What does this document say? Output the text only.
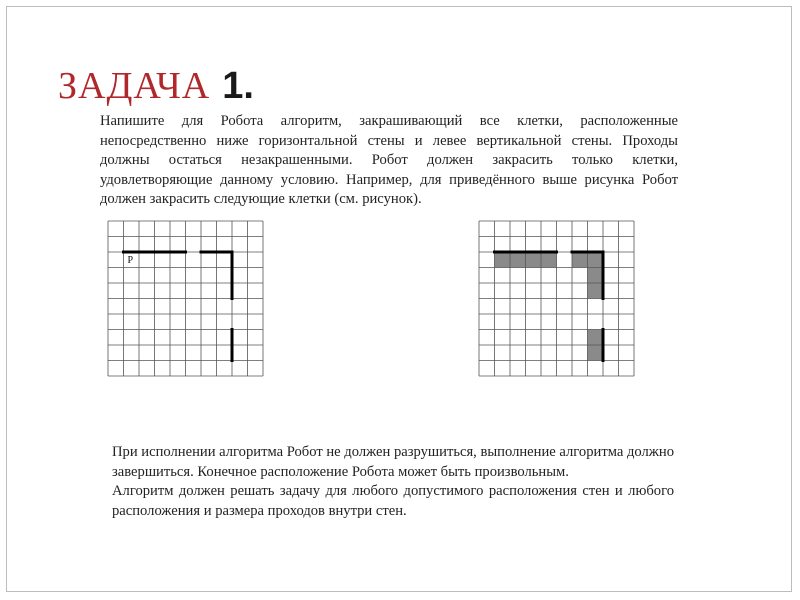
ЗАДАЧА 1.

Напишите для Робота алгоритм, закрашивающий все клетки, расположенные непосредственно ниже горизонтальной стены и левее вертикальной стены. Проходы должны остаться незакрашенными. Робот должен закрасить только клетки, удовлетворяющие данному условию. Например, для приведённого выше рисунка Робот должен закрасить следующие клетки (см. рисунок).

Р

При исполнении алгоритма Робот не должен разрушиться, выполнение алгоритма должно завершиться. Конечное расположение Робота может быть произвольным.

Алгоритм должен решать задачу для любого допустимого расположения стен и любого расположения и размера проходов внутри стен.
